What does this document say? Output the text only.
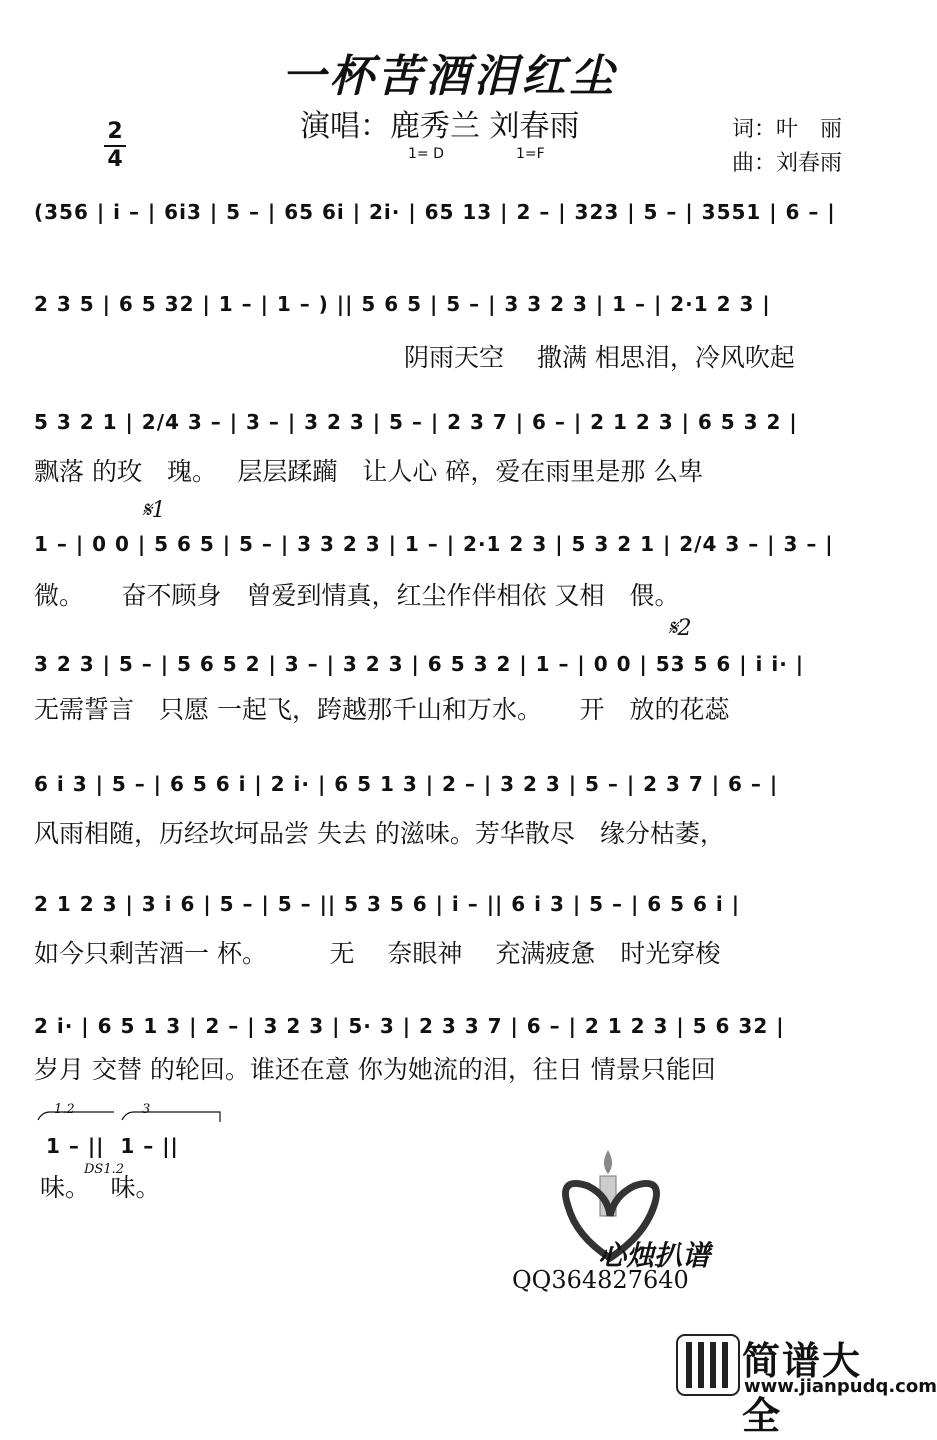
一杯苦酒泪红尘
演唱：鹿秀兰 刘春雨
1= D	1=F
词：叶　丽
曲：刘春雨
2
4
(356 | i – | 6i3 | 5 – | 65 6i | 2i· | 65 13 | 2 – | 323 | 5 – | 3551 | 6 – |
2 3 5 | 6 5 32 | 1 – | 1 – ) || 5 6 5 | 5 – | 3 3 2 3 | 1 – | 2·1 2 3 |
阴雨天空　 撒满 相思泪，冷风吹起
5 3 2 1 | 2/4 3 – | 3 – | 3 2 3 | 5 – | 2 3 7 | 6 – | 2 1 2 3 | 6 5 3 2 |
飘落 的玫　瑰。　 层层蹂躏　让人心 碎，爱在雨里是那 么卑
𝄋1
1 – | 0 0 | 5 6 5 | 5 – | 3 3 2 3 | 1 – | 2·1 2 3 | 5 3 2 1 | 2/4 3 – | 3 – |
微。　　奋不顾身　曾爱到情真，红尘作伴相依 又相　偎。
𝄋2
3 2 3 | 5 – | 5 6 5 2 | 3 – | 3 2 3 | 6 5 3 2 | 1 – | 0 0 | 53 5 6 | i i· |
无需誓言　只愿 一起飞，跨越那千山和万水。　　开　放的花蕊
6 i 3 | 5 – | 6 5 6 i | 2 i· | 6 5 1 3 | 2 – | 3 2 3 | 5 – | 2 3 7 | 6 – |
风雨相随，历经坎坷品尝 失去 的滋味。芳华散尽　缘分枯萎，
2 1 2 3 | 3 i 6 | 5 – | 5 – || 5 3 5 6 | i – || 6 i 3 | 5 – | 6 5 6 i |
如今只剩苦酒一 杯。　　　无　 奈眼神　 充满疲惫　时光穿梭
2 i· | 6 5 1 3 | 2 – | 3 2 3 | 5· 3 | 2 3 3 7 | 6 – | 2 1 2 3 | 5 6 32 |
岁月 交替 的轮回。谁还在意 你为她流的泪，往日 情景只能回
1.2	3
1 – ||  1 – ||
味。　 味。
DS1.2
心烛扒谱
QQ364827640
简谱大全
www.jianpudq.com
